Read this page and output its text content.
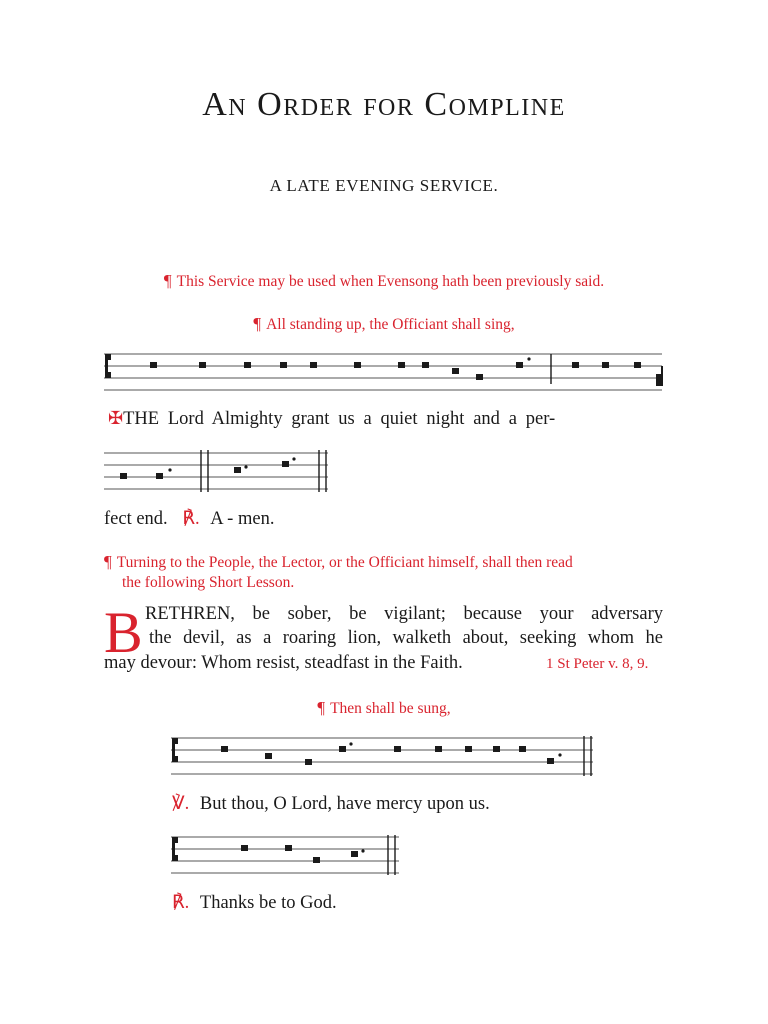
An Order for Compline
A LATE EVENING SERVICE.
¶ This Service may be used when Evensong hath been previously said.
¶ All standing up, the Officiant shall sing,
✠THE Lord Almighty grant us a quiet night and a per-
fect end. ℟. A - men.
¶ Turning to the People, the Lector, or the Officiant himself, shall then read
the following Short Lesson.
B RETHREN, be sober, be vigilant; because your adversary
the devil, as a roaring lion, walketh about, seeking whom he
may devour: Whom resist, steadfast in the Faith.	1 St Peter v. 8, 9.
¶ Then shall be sung,
℣. But thou, O Lord, have mercy upon us.
℟. Thanks be to God.
